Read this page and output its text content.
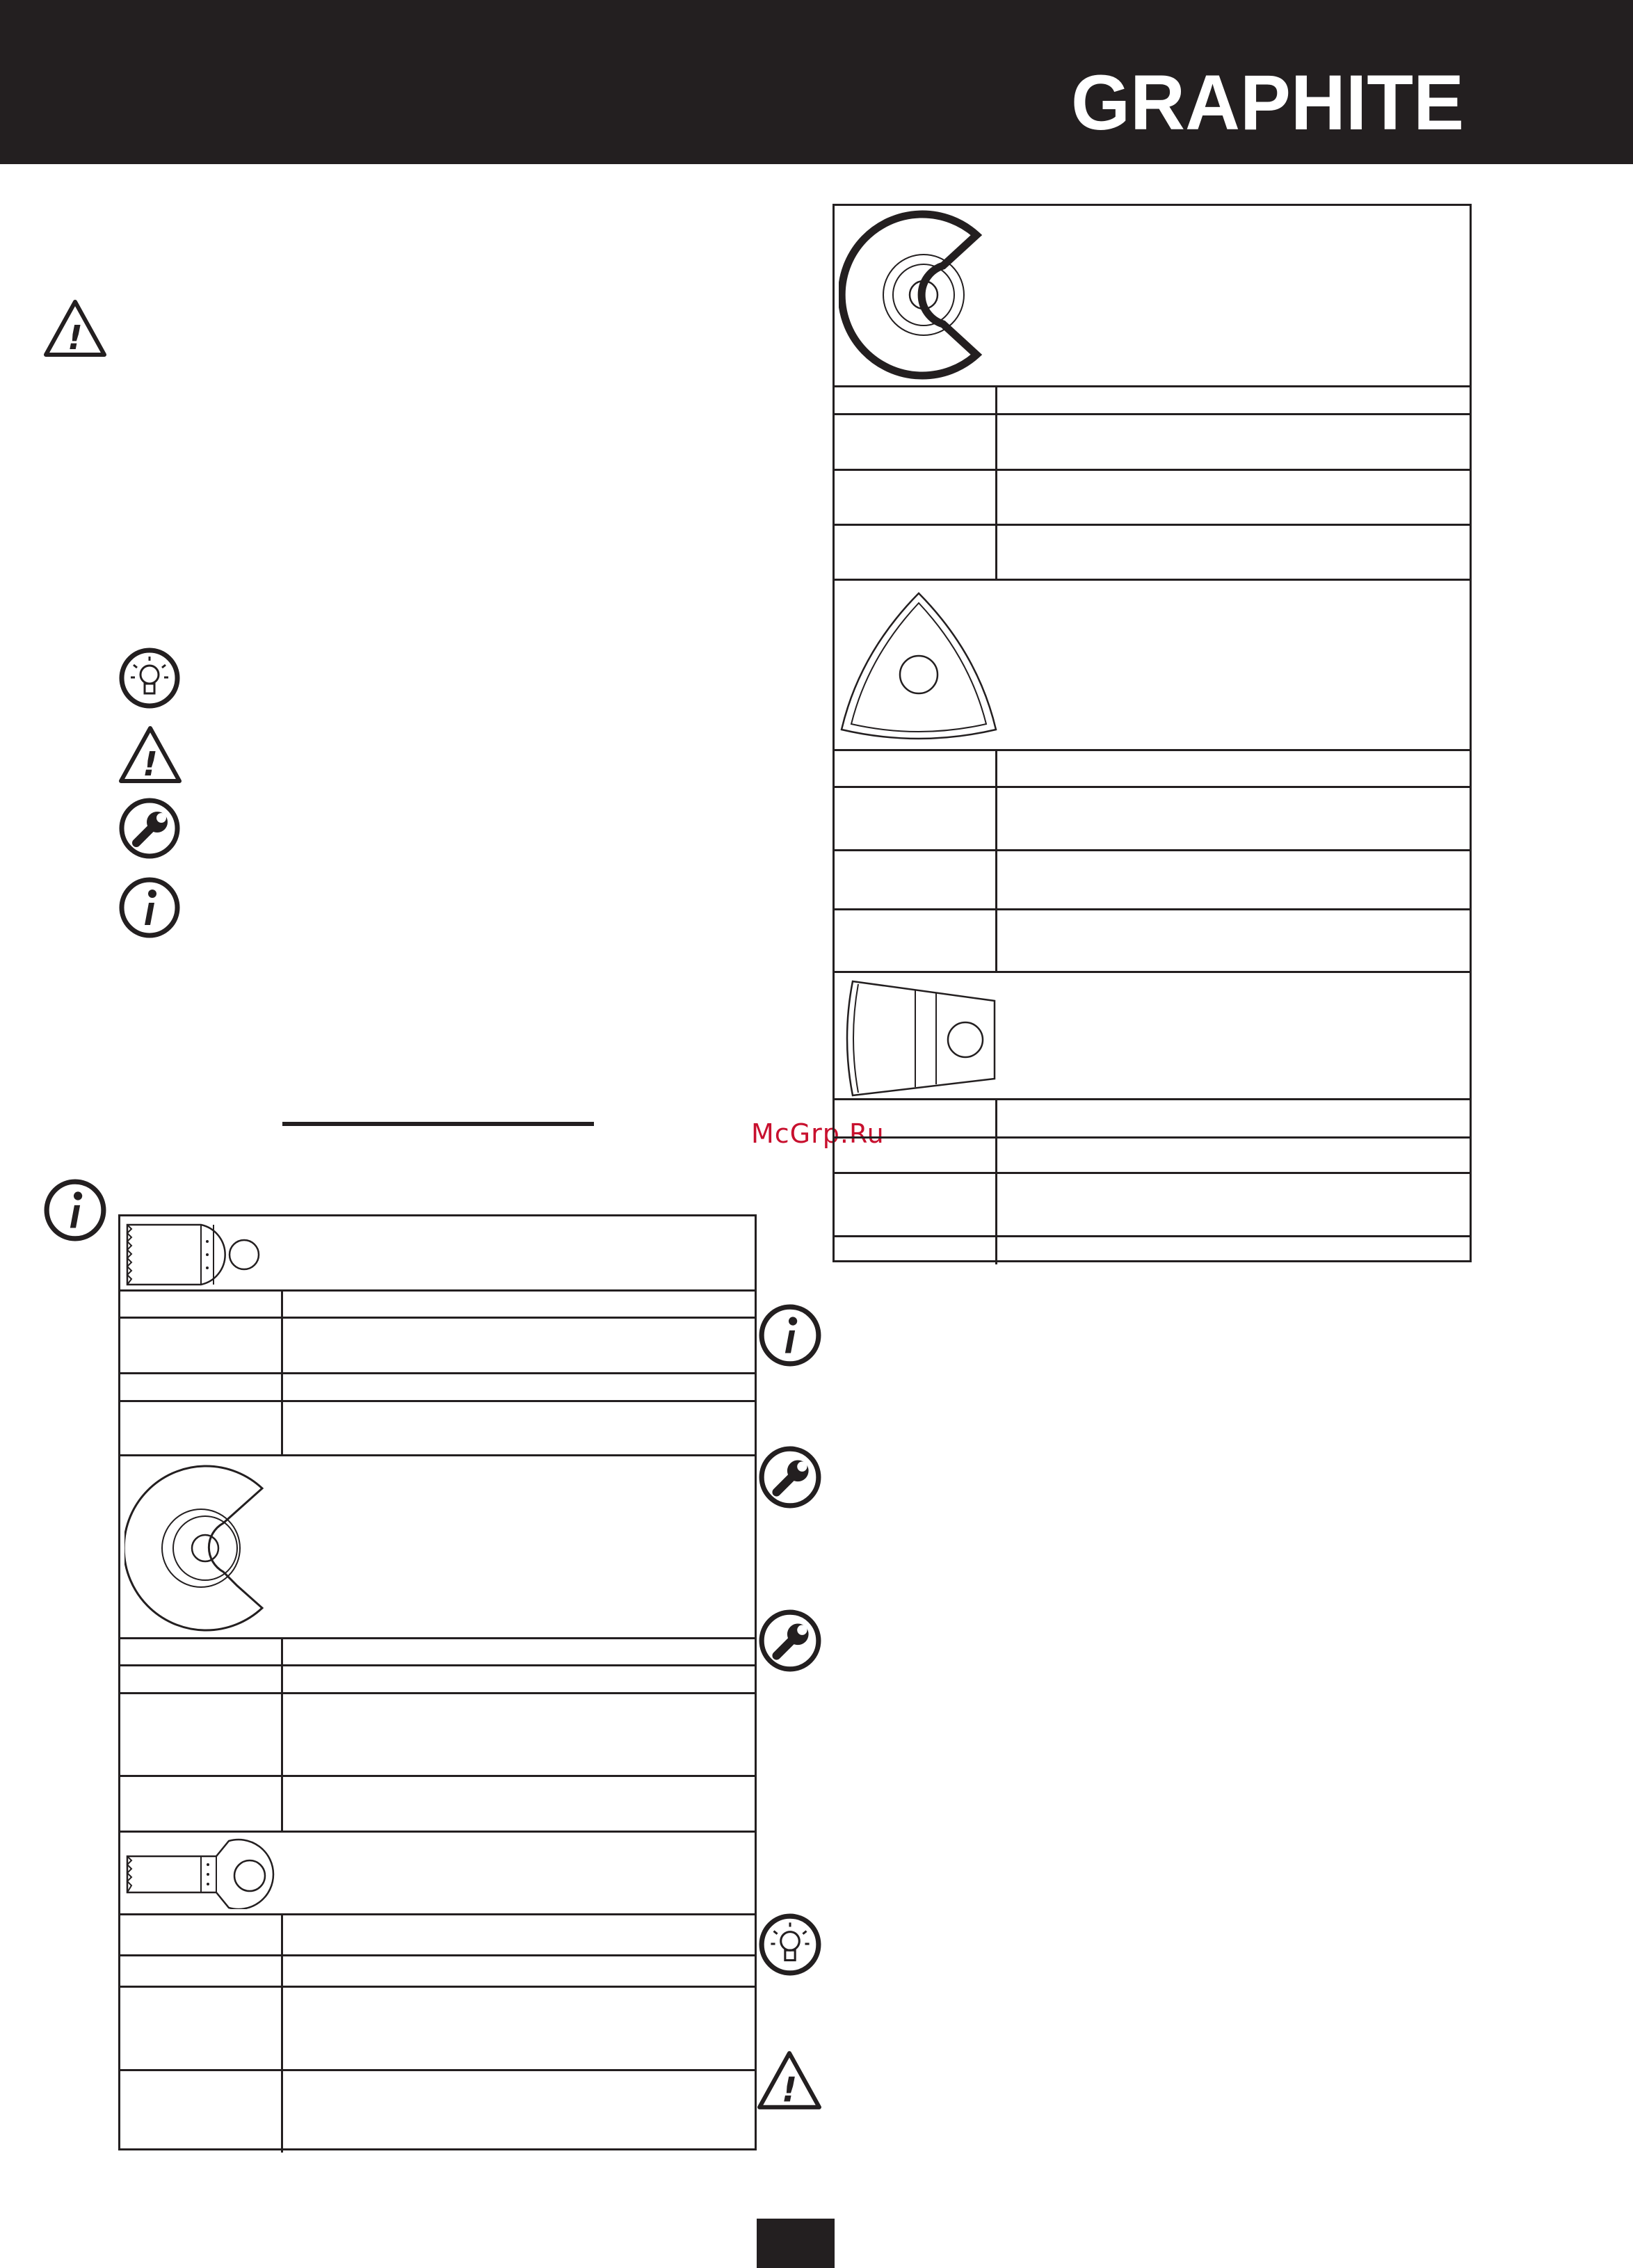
GRAPHITE
!
!
McGrp.Ru
!
